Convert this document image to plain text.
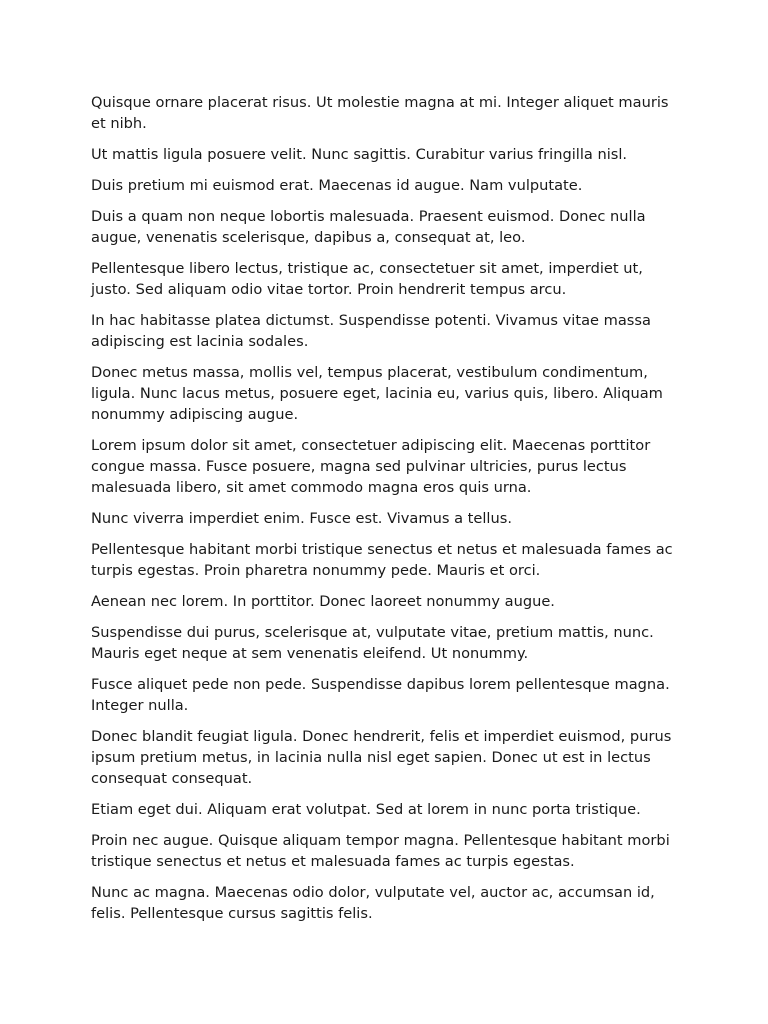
Quisque ornare placerat risus. Ut molestie magna at mi. Integer aliquet mauris et nibh.

Ut mattis ligula posuere velit. Nunc sagittis. Curabitur varius fringilla nisl.

Duis pretium mi euismod erat. Maecenas id augue. Nam vulputate.

Duis a quam non neque lobortis malesuada. Praesent euismod. Donec nulla augue, venenatis scelerisque, dapibus a, consequat at, leo.

Pellentesque libero lectus, tristique ac, consectetuer sit amet, imperdiet ut, justo. Sed aliquam odio vitae tortor. Proin hendrerit tempus arcu.

In hac habitasse platea dictumst. Suspendisse potenti. Vivamus vitae massa adipiscing est lacinia sodales.

Donec metus massa, mollis vel, tempus placerat, vestibulum condimentum, ligula. Nunc lacus metus, posuere eget, lacinia eu, varius quis, libero. Aliquam nonummy adipiscing augue.

Lorem ipsum dolor sit amet, consectetuer adipiscing elit. Maecenas porttitor congue massa. Fusce posuere, magna sed pulvinar ultricies, purus lectus malesuada libero, sit amet commodo magna eros quis urna.

Nunc viverra imperdiet enim. Fusce est. Vivamus a tellus.

Pellentesque habitant morbi tristique senectus et netus et malesuada fames ac turpis egestas. Proin pharetra nonummy pede. Mauris et orci.

Aenean nec lorem. In porttitor. Donec laoreet nonummy augue.

Suspendisse dui purus, scelerisque at, vulputate vitae, pretium mattis, nunc. Mauris eget neque at sem venenatis eleifend. Ut nonummy.

Fusce aliquet pede non pede. Suspendisse dapibus lorem pellentesque magna. Integer nulla.

Donec blandit feugiat ligula. Donec hendrerit, felis et imperdiet euismod, purus ipsum pretium metus, in lacinia nulla nisl eget sapien. Donec ut est in lectus consequat consequat.

Etiam eget dui. Aliquam erat volutpat. Sed at lorem in nunc porta tristique.

Proin nec augue. Quisque aliquam tempor magna. Pellentesque habitant morbi tristique senectus et netus et malesuada fames ac turpis egestas.

Nunc ac magna. Maecenas odio dolor, vulputate vel, auctor ac, accumsan id, felis. Pellentesque cursus sagittis felis.
